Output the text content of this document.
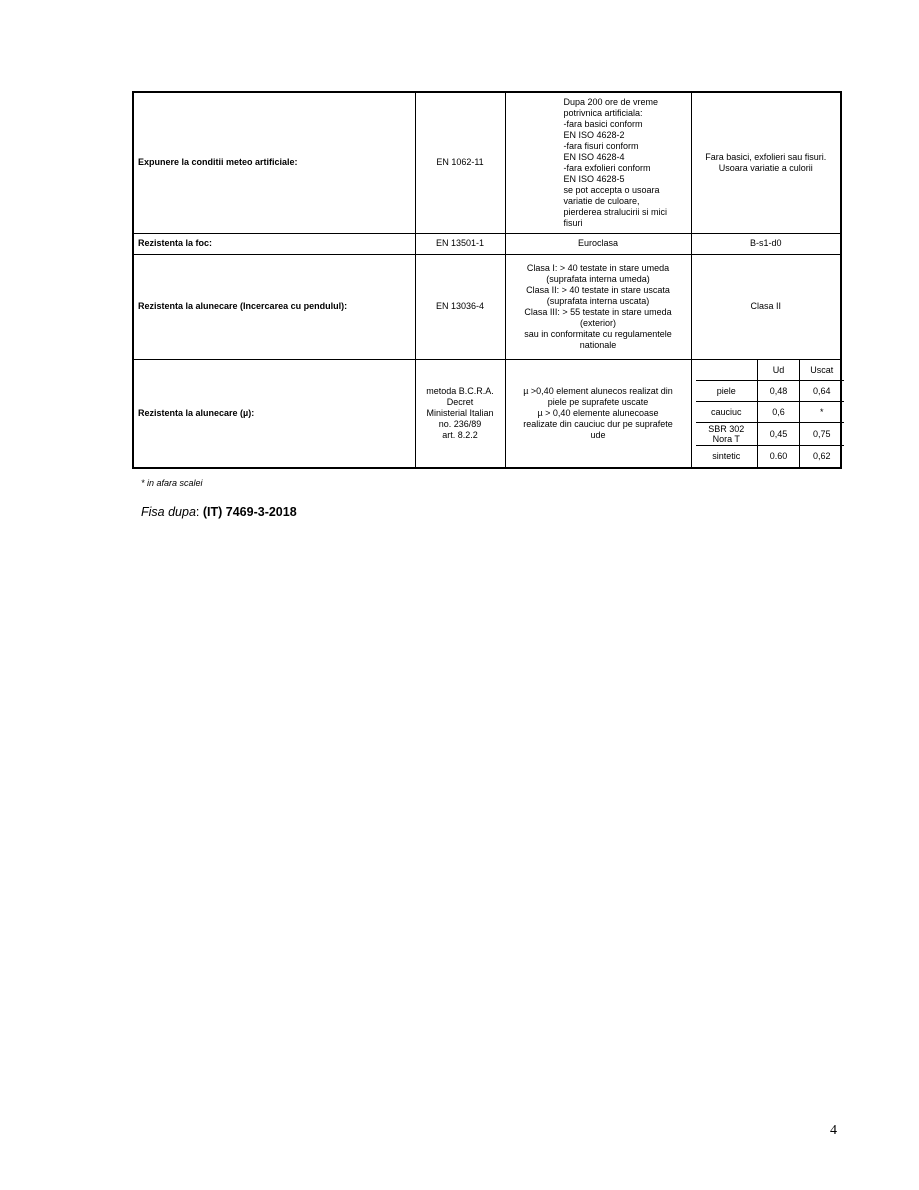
Expunere la conditii meteo artificiale:	EN 1062-11	Dupa 200 ore de vreme
potrivnica artificiala:
-fara basici conform
EN ISO 4628-2
-fara fisuri conform
EN ISO 4628-4
-fara exfolieri conform
EN ISO 4628-5
se pot accepta o usoara
variatie de culoare,
pierderea stralucirii si mici
fisuri	Fara basici, exfolieri sau fisuri.
Usoara variatie a culorii
Rezistenta la foc:	EN 13501-1	Euroclasa	B-s1-d0
Rezistenta la alunecare (Incercarea cu pendulul):	EN 13036-4	Clasa I: > 40 testate in stare umeda
(suprafata interna umeda)
Clasa II: > 40 testate in stare uscata
(suprafata interna uscata)
Clasa III: > 55 testate in stare umeda
(exterior)
sau in conformitate cu regulamentele
nationale	Clasa II
Rezistenta la alunecare (µ):	metoda B.C.R.A.
Decret
Ministerial Italian
no. 236/89
art. 8.2.2	µ >0,40 element alunecos realizat din
piele pe suprafete uscate
µ > 0,40 elemente alunecoase
realizate din cauciuc dur pe suprafete
ude	
	Ud	Uscat
piele	0,48	0,64
cauciuc	0,6	*
SBR 302
Nora T	0,45	0,75
sintetic	0.60	0,62
* in afara scalei
Fisa dupa: (IT) 7469-3-2018
4
